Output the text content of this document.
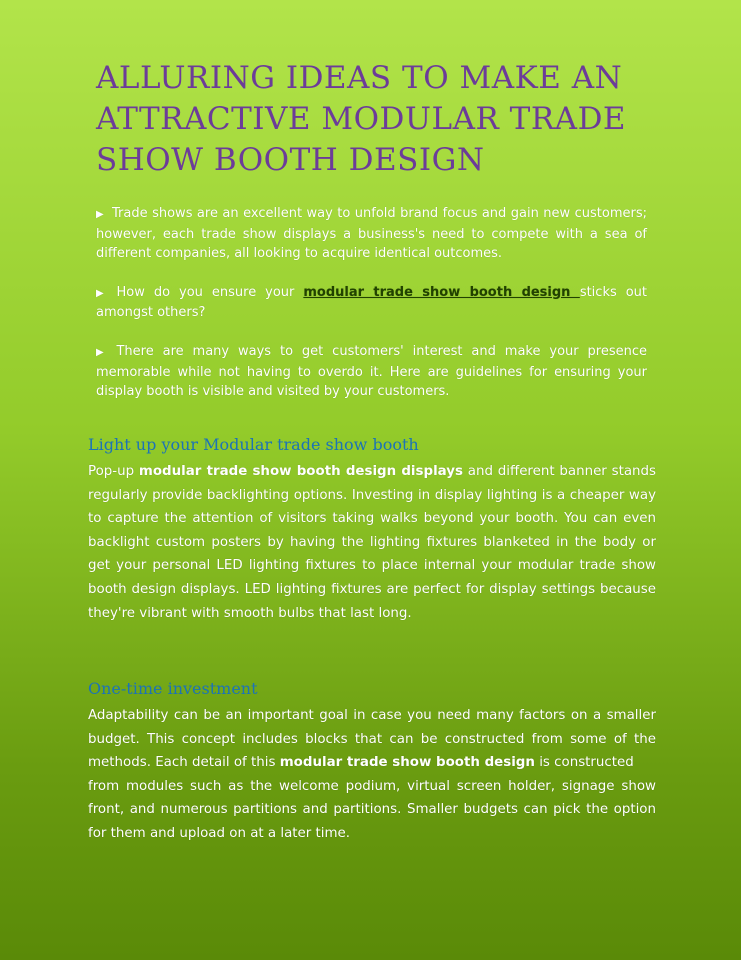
ALLURING IDEAS TO MAKE AN ATTRACTIVE MODULAR TRADE SHOW BOOTH DESIGN

▶ Trade shows are an excellent way to unfold brand focus and gain new customers; however, each trade show displays a business's need to compete with a sea of different companies, all looking to acquire identical outcomes.

▶ How do you ensure your modular trade show booth design sticks out amongst others?

▶ There are many ways to get customers' interest and make your presence memorable while not having to overdo it. Here are guidelines for ensuring your display booth is visible and visited by your customers.

Light up your Modular trade show booth

Pop-up modular trade show booth design displays and different banner stands regularly provide backlighting options. Investing in display lighting is a cheaper way to capture the attention of visitors taking walks beyond your booth. You can even backlight custom posters by having the lighting fixtures blanketed in the body or get your personal LED lighting fixtures to place internal your modular trade show booth design displays. LED lighting fixtures are perfect for display settings because they're vibrant with smooth bulbs that last long.

One-time investment

Adaptability can be an important goal in case you need many factors on a smaller budget. This concept includes blocks that can be constructed from some of the methods. Each detail of this modular trade show booth design is constructed

from modules such as the welcome podium, virtual screen holder, signage show front, and numerous partitions and partitions. Smaller budgets can pick the option for them and upload on at a later time.
